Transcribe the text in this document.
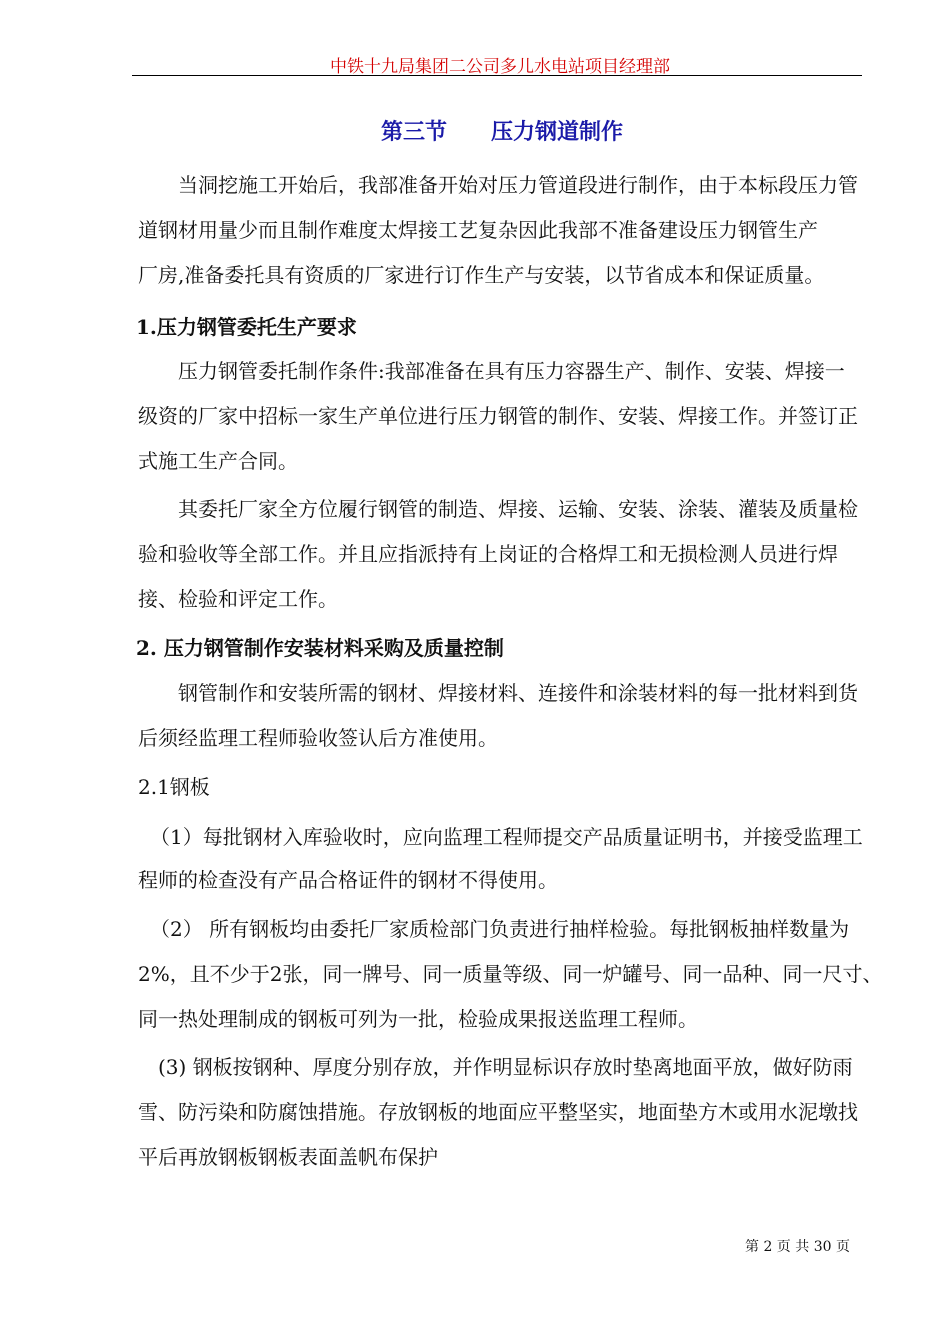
中铁十九局集团二公司多儿水电站项目经理部
第三节 压力钢道制作
当洞挖施工开始后，我部准备开始对压力管道段进行制作，由于本标段压力管
道钢材用量少而且制作难度太焊接工艺复杂因此我部不准备建设压力钢管生产
厂房,准备委托具有资质的厂家进行订作生产与安装，以节省成本和保证质量。
1.压力钢管委托生产要求
压力钢管委托制作条件:我部准备在具有压力容器生产、制作、安装、焊接一
级资的厂家中招标一家生产单位进行压力钢管的制作、安装、焊接工作。并签订正
式施工生产合同。
其委托厂家全方位履行钢管的制造、焊接、运输、安装、涂装、灌装及质量检
验和验收等全部工作。并且应指派持有上岗证的合格焊工和无损检测人员进行焊
接、检验和评定工作。
2. 压力钢管制作安装材料采购及质量控制
钢管制作和安装所需的钢材、焊接材料、连接件和涂装材料的每一批材料到货
后须经监理工程师验收签认后方准使用。
2.1钢板
（1）每批钢材入库验收时，应向监理工程师提交产品质量证明书，并接受监理工
程师的检查没有产品合格证件的钢材不得使用。
（2） 所有钢板均由委托厂家质检部门负责进行抽样检验。每批钢板抽样数量为
2%，且不少于2张，同一牌号、同一质量等级、同一炉罐号、同一品种、同一尺寸、
同一热处理制成的钢板可列为一批，检验成果报送监理工程师。
(3) 钢板按钢种、厚度分别存放，并作明显标识存放时垫离地面平放，做好防雨
雪、防污染和防腐蚀措施。存放钢板的地面应平整坚实，地面垫方木或用水泥墩找
平后再放钢板钢板表面盖帆布保护
第 2 页 共 30 页
